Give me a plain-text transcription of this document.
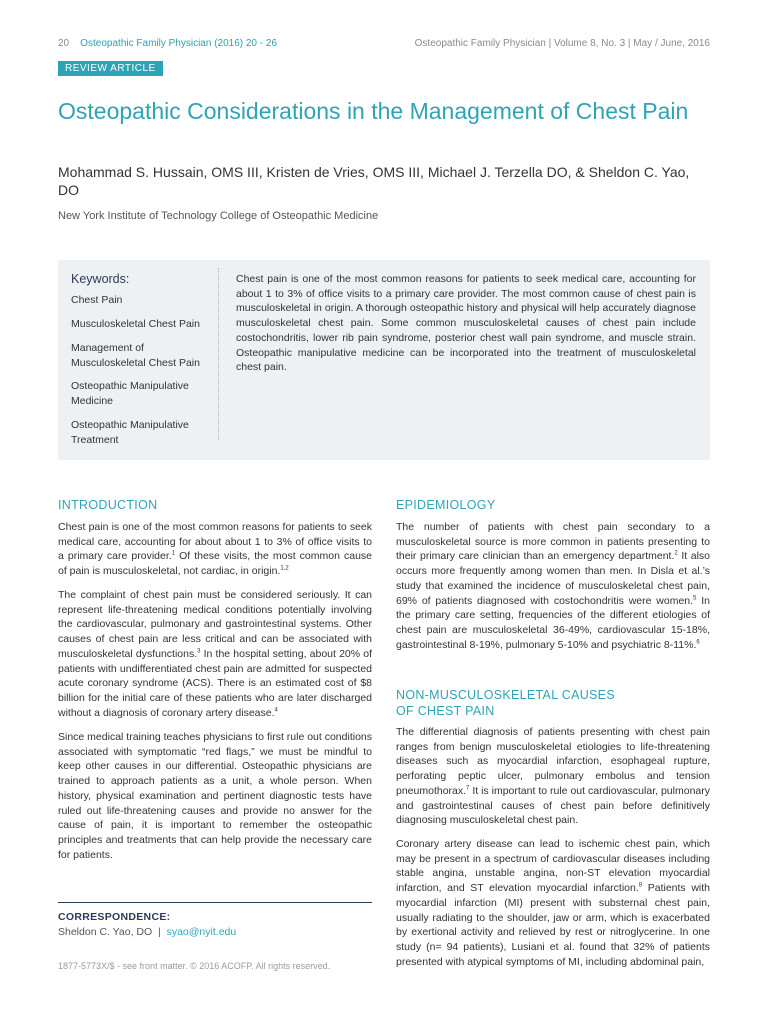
20 Osteopathic Family Physician (2016) 20 - 26	Osteopathic Family Physician | Volume 8, No. 3 | May / June, 2016
REVIEW ARTICLE
Osteopathic Considerations in the Management of Chest Pain
Mohammad S. Hussain, OMS III, Kristen de Vries, OMS III, Michael J. Terzella DO, & Sheldon C. Yao, DO
New York Institute of Technology College of Osteopathic Medicine
Keywords:
Chest Pain
Musculoskeletal Chest Pain
Management of Musculoskeletal Chest Pain
Osteopathic Manipulative Medicine
Osteopathic Manipulative Treatment
Chest pain is one of the most common reasons for patients to seek medical care, accounting for about 1 to 3% of office visits to a primary care provider. The most common cause of chest pain is musculoskeletal in origin. A thorough osteopathic history and physical will help accurately diagnose musculoskeletal chest pain. Some common musculoskeletal causes of chest pain include costochondritis, lower rib pain syndrome, posterior chest wall pain syndrome, and muscle strain. Osteopathic manipulative medicine can be incorporated into the treatment of musculoskeletal chest pain.
INTRODUCTION
Chest pain is one of the most common reasons for patients to seek medical care, accounting for about about 1 to 3% of office visits to a primary care provider.$^1$ Of these visits, the most common cause of pain is musculoskeletal, not cardiac, in origin.$^{1,2}$
The complaint of chest pain must be considered seriously. It can represent life-threatening medical conditions potentially involving the cardiovascular, pulmonary and gastrointestinal systems. Other causes of chest pain are less critical and can be associated with musculoskeletal dysfunctions.$^3$ In the hospital setting, about 20% of patients with undifferentiated chest pain are admitted for suspected acute coronary syndrome (ACS). There is an estimated cost of $8 billion for the initial care of these patients who are later discharged without a diagnosis of coronary artery disease.$^4$
Since medical training teaches physicians to first rule out conditions associated with symptomatic “red flags,” we must be mindful to keep other causes in our differential. Osteopathic physicians are trained to approach patients as a unit, a whole person. When history, physical examination and pertinent diagnostic tests have ruled out life-threatening causes and provide no answer for the cause of pain, it is important to remember the osteopathic principles and treatments that can help provide the necessary care for patients.
CORRESPONDENCE:
Sheldon C. Yao, DO | syao@nyit.edu
1877-5773X/$ - see front matter. © 2016 ACOFP. All rights reserved.
EPIDEMIOLOGY
The number of patients with chest pain secondary to a musculoskeletal source is more common in patients presenting to their primary care clinician than an emergency department.$^2$ It also occurs more frequently among women than men. In Disla et al.’s study that examined the incidence of musculoskeletal chest pain, 69% of patients diagnosed with costochondritis were women.$^5$ In the primary care setting, frequencies of the different etiologies of chest pain are musculoskeletal 36-49%, cardiovascular 15-18%, gastrointestinal 8-19%, pulmonary 5-10% and psychiatric 8-11%.$^6$
NON-MUSCULOSKELETAL CAUSES
OF CHEST PAIN
The differential diagnosis of patients presenting with chest pain ranges from benign musculoskeletal etiologies to life-threatening diseases such as myocardial infarction, esophageal rupture, perforating peptic ulcer, pulmonary embolus and tension pneumothorax.$^7$ It is important to rule out cardiovascular, pulmonary and gastrointestinal causes of chest pain before definitively diagnosing musculoskeletal chest pain.
Coronary artery disease can lead to ischemic chest pain, which may be present in a spectrum of cardiovascular diseases including stable angina, unstable angina, non-ST elevation myocardial infarction, and ST elevation myocardial infarction.$^8$ Patients with myocardial infarction (MI) present with substernal chest pain, usually radiating to the shoulder, jaw or arm, which is exacerbated by exertional activity and relieved by rest or nitroglycerine. In one study (n= 94 patients), Lusiani et al. found that 32% of patients presented with atypical symptoms of MI, including abdominal pain,
